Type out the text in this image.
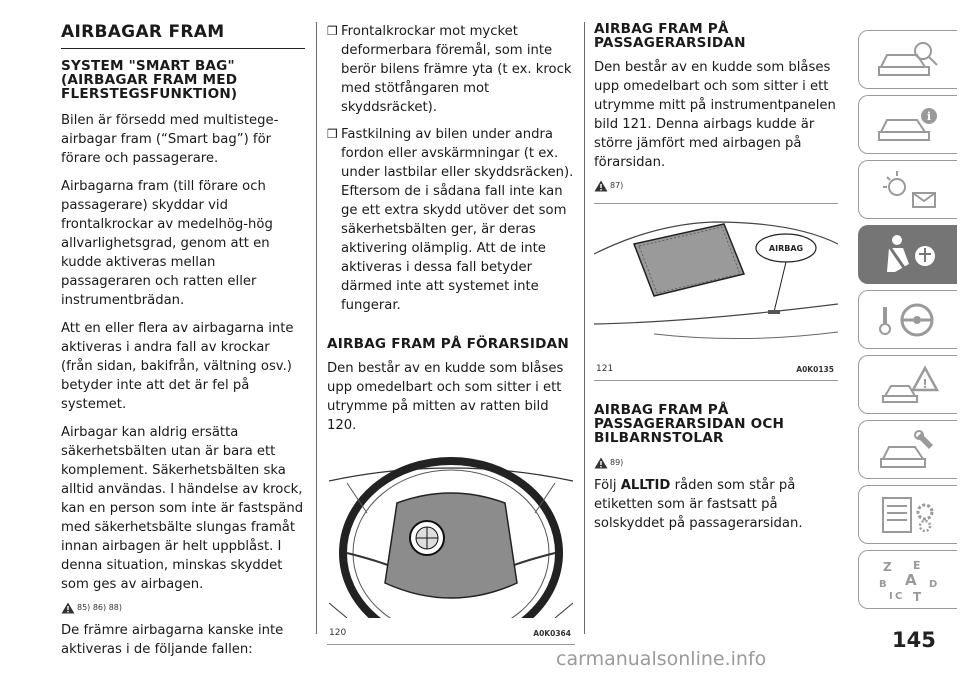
AIRBAGAR FRAM
SYSTEM "SMART BAG" (AIRBAGAR FRAM MED FLERSTEGSFUNKTION)

Bilen är försedd med multistege-airbagar fram (“Smart bag”) för förare och passagerare.

Airbagarna fram (till förare och passagerare) skyddar vid frontalkrockar av medelhög-hög allvarlighetsgrad, genom att en kudde aktiveras mellan passageraren och ratten eller instrumentbrädan.

Att en eller flera av airbagarna inte aktiveras i andra fall av krockar (från sidan, bakifrån, vältning osv.) betyder inte att det är fel på systemet.

Airbagar kan aldrig ersätta säkerhetsbälten utan är bara ett komplement. Säkerhetsbälten ska alltid användas. I händelse av krock, kan en person som inte är fastspänd med säkerhetsbälte slungas framåt innan airbagen är helt uppblåst. I denna situation, minskas skyddet som ges av airbagen.

85) 86) 88)

De främre airbagarna kanske inte aktiveras i de följande fallen:

❒ Frontalkrockar mot mycket deformerbara föremål, som inte berör bilens främre yta (t ex. krock med stötfångaren mot skyddsräcket).
❒ Fastkilning av bilen under andra fordon eller avskärmningar (t ex. under lastbilar eller skyddsräcken). Eftersom de i sådana fall inte kan ge ett extra skydd utöver det som säkerhetsbälten ger, är deras aktivering olämplig. Att de inte aktiveras i dessa fall betyder därmed inte att systemet inte fungerar.
AIRBAG FRAM PÅ FÖRARSIDAN

Den består av en kudde som blåses upp omedelbart och som sitter i ett utrymme på mitten av ratten bild 120.

120	A0K0364
AIRBAG FRAM PÅ PASSAGERARSIDAN

Den består av en kudde som blåses upp omedelbart och som sitter i ett utrymme mitt på instrumentpanelen bild 121. Denna airbags kudde är större jämfört med airbagen på förarsidan.

87)
AIRBAG
121	A0K0135
AIRBAG FRAM PÅ PASSAGERARSIDAN OCH BILBARNSTOLAR
89)

Följ ALLTID råden som står på etiketten som är fastsatt på solskyddet på passagerarsidan.

i
!
Z E
B A D
I C T
145
carmanualsonline.info
